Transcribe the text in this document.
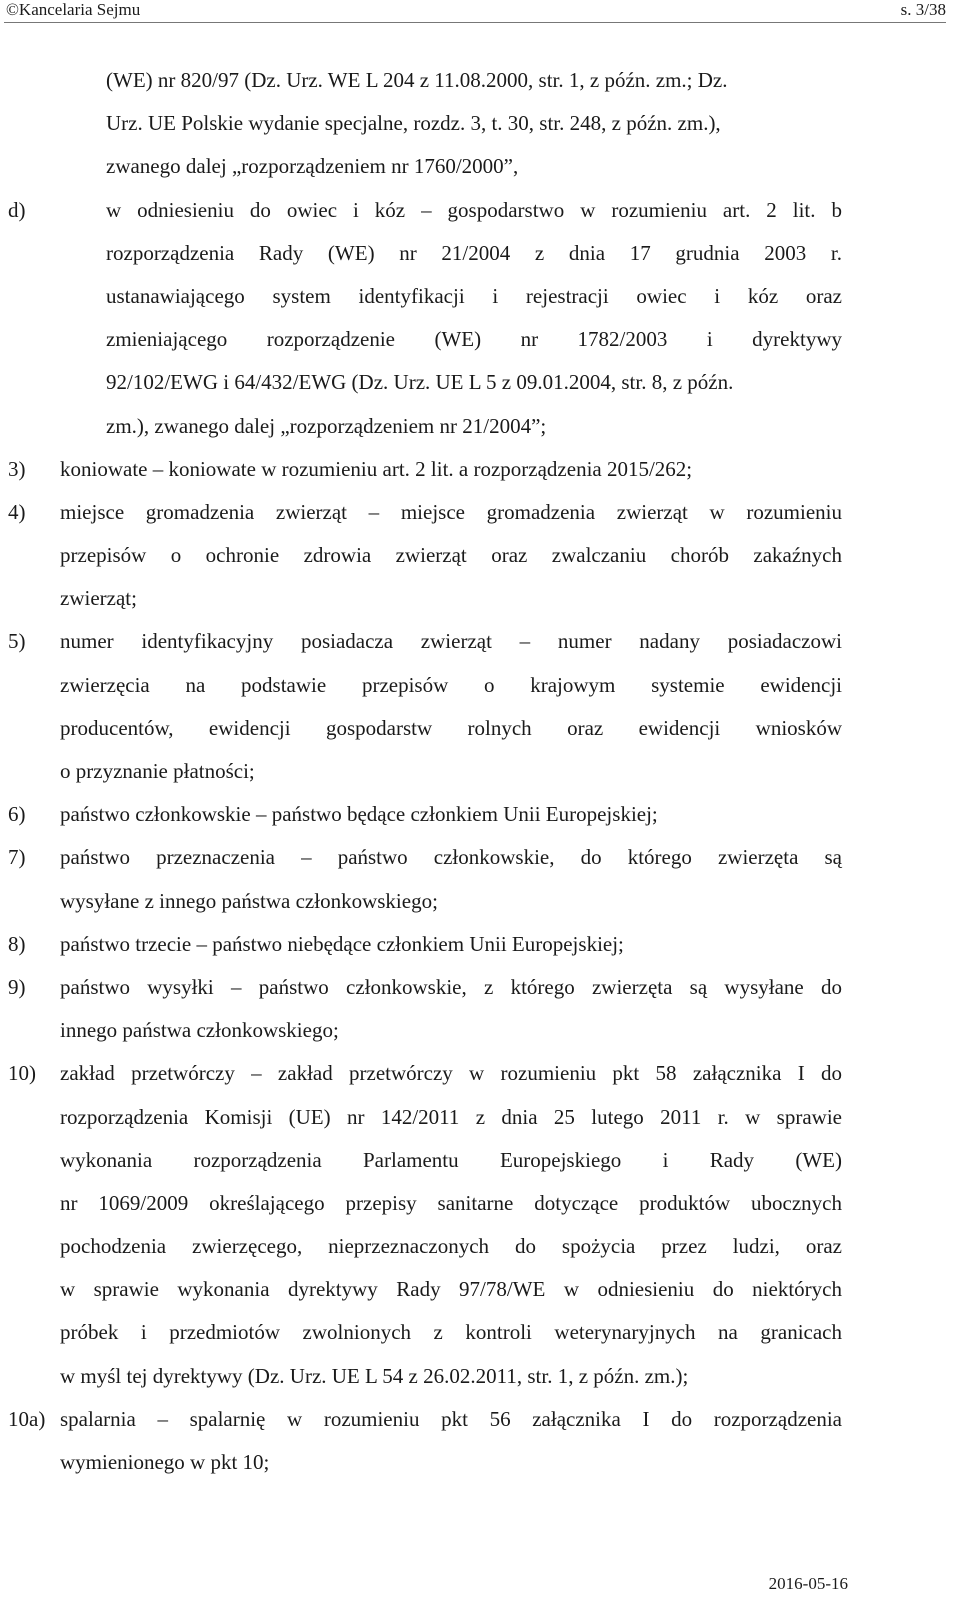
©Kancelaria Sejmu	s. 3/38
(WE) nr 820/97 (Dz. Urz. WE L 204 z 11.08.2000, str. 1, z późn. zm.; Dz.
Urz. UE Polskie wydanie specjalne, rozdz. 3, t. 30, str. 248, z późn. zm.),
zwanego dalej „rozporządzeniem nr 1760/2000”,
d)	w odniesieniu do owiec i kóz – gospodarstwo w rozumieniu art. 2 lit. b
rozporządzenia Rady (WE) nr 21/2004 z dnia 17 grudnia 2003 r.
ustanawiającego system identyfikacji i rejestracji owiec i kóz oraz
zmieniającego rozporządzenie (WE) nr 1782/2003 i dyrektywy
92/102/EWG i 64/432/EWG (Dz. Urz. UE L 5 z 09.01.2004, str. 8, z późn.
zm.), zwanego dalej „rozporządzeniem nr 21/2004”;
3) koniowate – koniowate w rozumieniu art. 2 lit. a rozporządzenia 2015/262;
4) miejsce gromadzenia zwierząt – miejsce gromadzenia zwierząt w rozumieniu
przepisów o ochronie zdrowia zwierząt oraz zwalczaniu chorób zakaźnych
zwierząt;
5) numer identyfikacyjny posiadacza zwierząt – numer nadany posiadaczowi
zwierzęcia na podstawie przepisów o krajowym systemie ewidencji
producentów, ewidencji gospodarstw rolnych oraz ewidencji wniosków
o przyznanie płatności;
6) państwo członkowskie – państwo będące członkiem Unii Europejskiej;
7) państwo przeznaczenia – państwo członkowskie, do którego zwierzęta są
wysyłane z innego państwa członkowskiego;
8) państwo trzecie – państwo niebędące członkiem Unii Europejskiej;
9) państwo wysyłki – państwo członkowskie, z którego zwierzęta są wysyłane do
innego państwa członkowskiego;
10) zakład przetwórczy – zakład przetwórczy w rozumieniu pkt 58 załącznika I do
rozporządzenia Komisji (UE) nr 142/2011 z dnia 25 lutego 2011 r. w sprawie
wykonania rozporządzenia Parlamentu Europejskiego i Rady (WE)
nr 1069/2009 określającego przepisy sanitarne dotyczące produktów ubocznych
pochodzenia zwierzęcego, nieprzeznaczonych do spożycia przez ludzi, oraz
w sprawie wykonania dyrektywy Rady 97/78/WE w odniesieniu do niektórych
próbek i przedmiotów zwolnionych z kontroli weterynaryjnych na granicach
w myśl tej dyrektywy (Dz. Urz. UE L 54 z 26.02.2011, str. 1, z późn. zm.);
10a) spalarnia – spalarnię w rozumieniu pkt 56 załącznika I do rozporządzenia
wymienionego w pkt 10;
2016-05-16
